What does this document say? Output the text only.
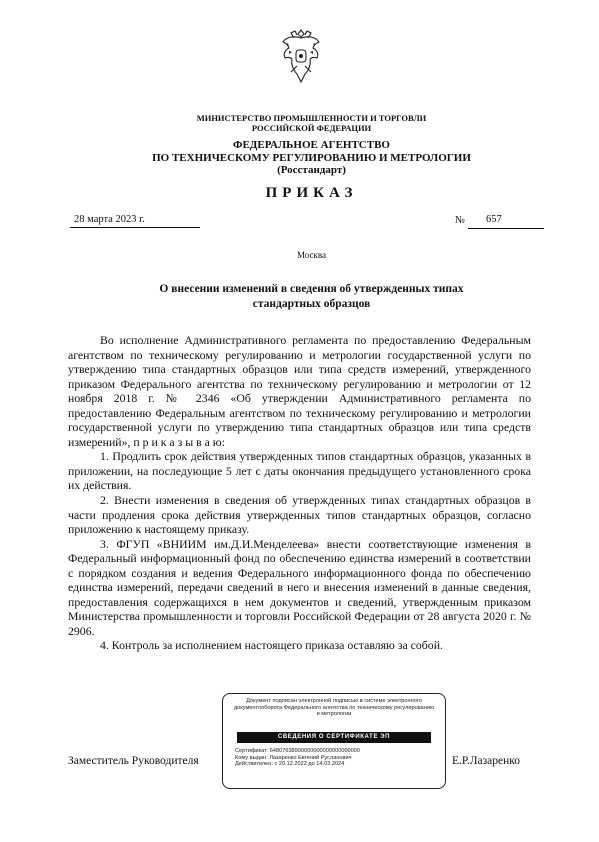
МИНИСТЕРСТВО ПРОМЫШЛЕННОСТИ И ТОРГОВЛИ
РОССИЙСКОЙ ФЕДЕРАЦИИ
ФЕДЕРАЛЬНОЕ АГЕНТСТВО
ПО ТЕХНИЧЕСКОМУ РЕГУЛИРОВАНИЮ И МЕТРОЛОГИИ
(Росстандарт)
ПРИКАЗ
28 марта 2023 г.	№ 657
Москва
О внесении изменений в сведения об утвержденных типах
стандартных образцов

Во исполнение Административного регламента по предоставлению Федеральным агентством по техническому регулированию и метрологии государственной услуги по утверждению типа стандартных образцов или типа средств измерений, утвержденного приказом Федерального агентства по техническому регулированию и метрологии от 12 ноября 2018 г. № 2346 «Об утверждении Административного регламента по предоставлению Федеральным агентством по техническому регулированию и метрологии государственной услуги по утверждению типа стандартных образцов или типа средств измерений», п р и к а з ы в а ю:

1. Продлить срок действия утвержденных типов стандартных образцов, указанных в приложении, на последующие 5 лет с даты окончания предыдущего установленного срока их действия.

2. Внести изменения в сведения об утвержденных типах стандартных образцов в части продления срока действия утвержденных типов стандартных образцов, согласно приложению к настоящему приказу.

3. ФГУП «ВНИИМ им.Д.И.Менделеева» внести соответствующие изменения в Федеральный информационный фонд по обеспечению единства измерений в соответствии с порядком создания и ведения Федерального информационного фонда по обеспечению единства измерений, передачи сведений в него и внесения изменений в данные сведения, предоставления содержащихся в нем документов и сведений, утвержденным приказом Министерства промышленности и торговли Российской Федерации от 28 августа 2020 г. № 2906.

4. Контроль за исполнением настоящего приказа оставляю за собой.

Заместитель Руководителя	Е.Р.Лазаренко
Документ подписан электронной подписью в системе электронного документооборота Федерального агентства по техническому регулированию и метрологии
СВЕДЕНИЯ О СЕРТИФИКАТЕ ЭП
Сертификат: 64807638900000000000000000000
Кому выдан: Лазаренко Евгений Русланович
Действителен: с 20.12.2022 до 14.03.2024
